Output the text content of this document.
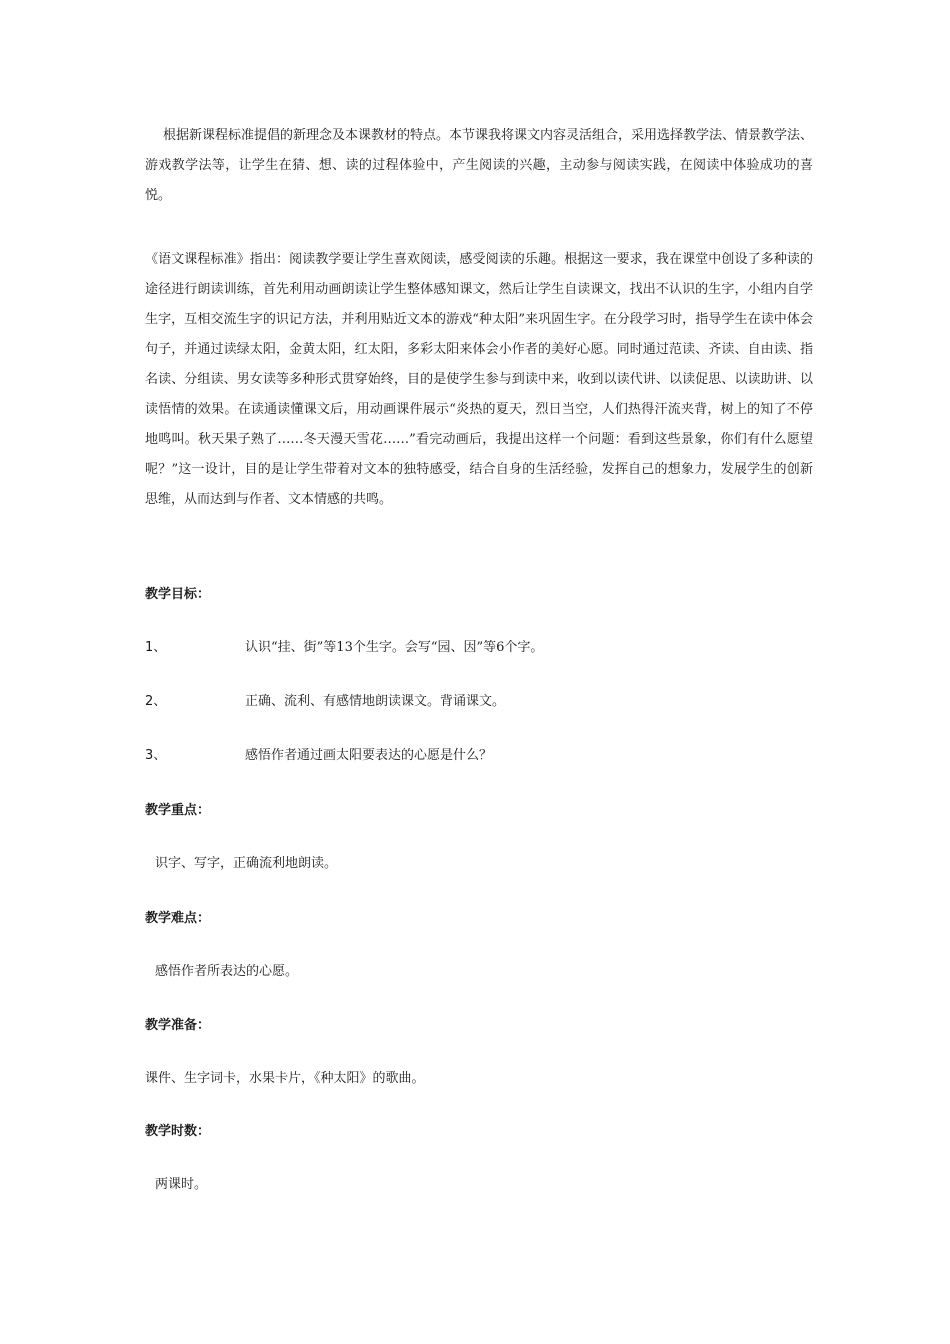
根据新课程标准提倡的新理念及本课教材的特点。本节课我将课文内容灵活组合，采用选择教学法、情景教学法、游戏教学法等，让学生在猜、想、读的过程体验中，产生阅读的兴趣，主动参与阅读实践，在阅读中体验成功的喜悦。
《语文课程标准》指出：阅读教学要让学生喜欢阅读，感受阅读的乐趣。根据这一要求，我在课堂中创设了多种读的途径进行朗读训练，首先利用动画朗读让学生整体感知课文，然后让学生自读课文，找出不认识的生字，小组内自学生字，互相交流生字的识记方法，并利用贴近文本的游戏“种太阳”来巩固生字。在分段学习时，指导学生在读中体会句子，并通过读绿太阳，金黄太阳，红太阳，多彩太阳来体会小作者的美好心愿。同时通过范读、齐读、自由读、指名读、分组读、男女读等多种形式贯穿始终，目的是使学生参与到读中来，收到以读代讲、以读促思、以读助讲、以读悟情的效果。在读通读懂课文后，用动画课件展示“炎热的夏天，烈日当空，人们热得汗流夹背，树上的知了不停地鸣叫。秋天果子熟了……冬天漫天雪花……”看完动画后，我提出这样一个问题：看到这些景象，你们有什么愿望呢？”这一设计，目的是让学生带着对文本的独特感受，结合自身的生活经验，发挥自己的想象力，发展学生的创新思维，从而达到与作者、文本情感的共鸣。
教学目标：
1、	认识“挂、街”等13个生字。会写“园、因”等6个字。
2、	正确、流利、有感情地朗读课文。背诵课文。
3、	感悟作者通过画太阳要表达的心愿是什么？
教学重点：
识字、写字，正确流利地朗读。
教学难点：
感悟作者所表达的心愿。
教学准备：
课件、生字词卡，水果卡片，《种太阳》的歌曲。
教学时数：
两课时。
